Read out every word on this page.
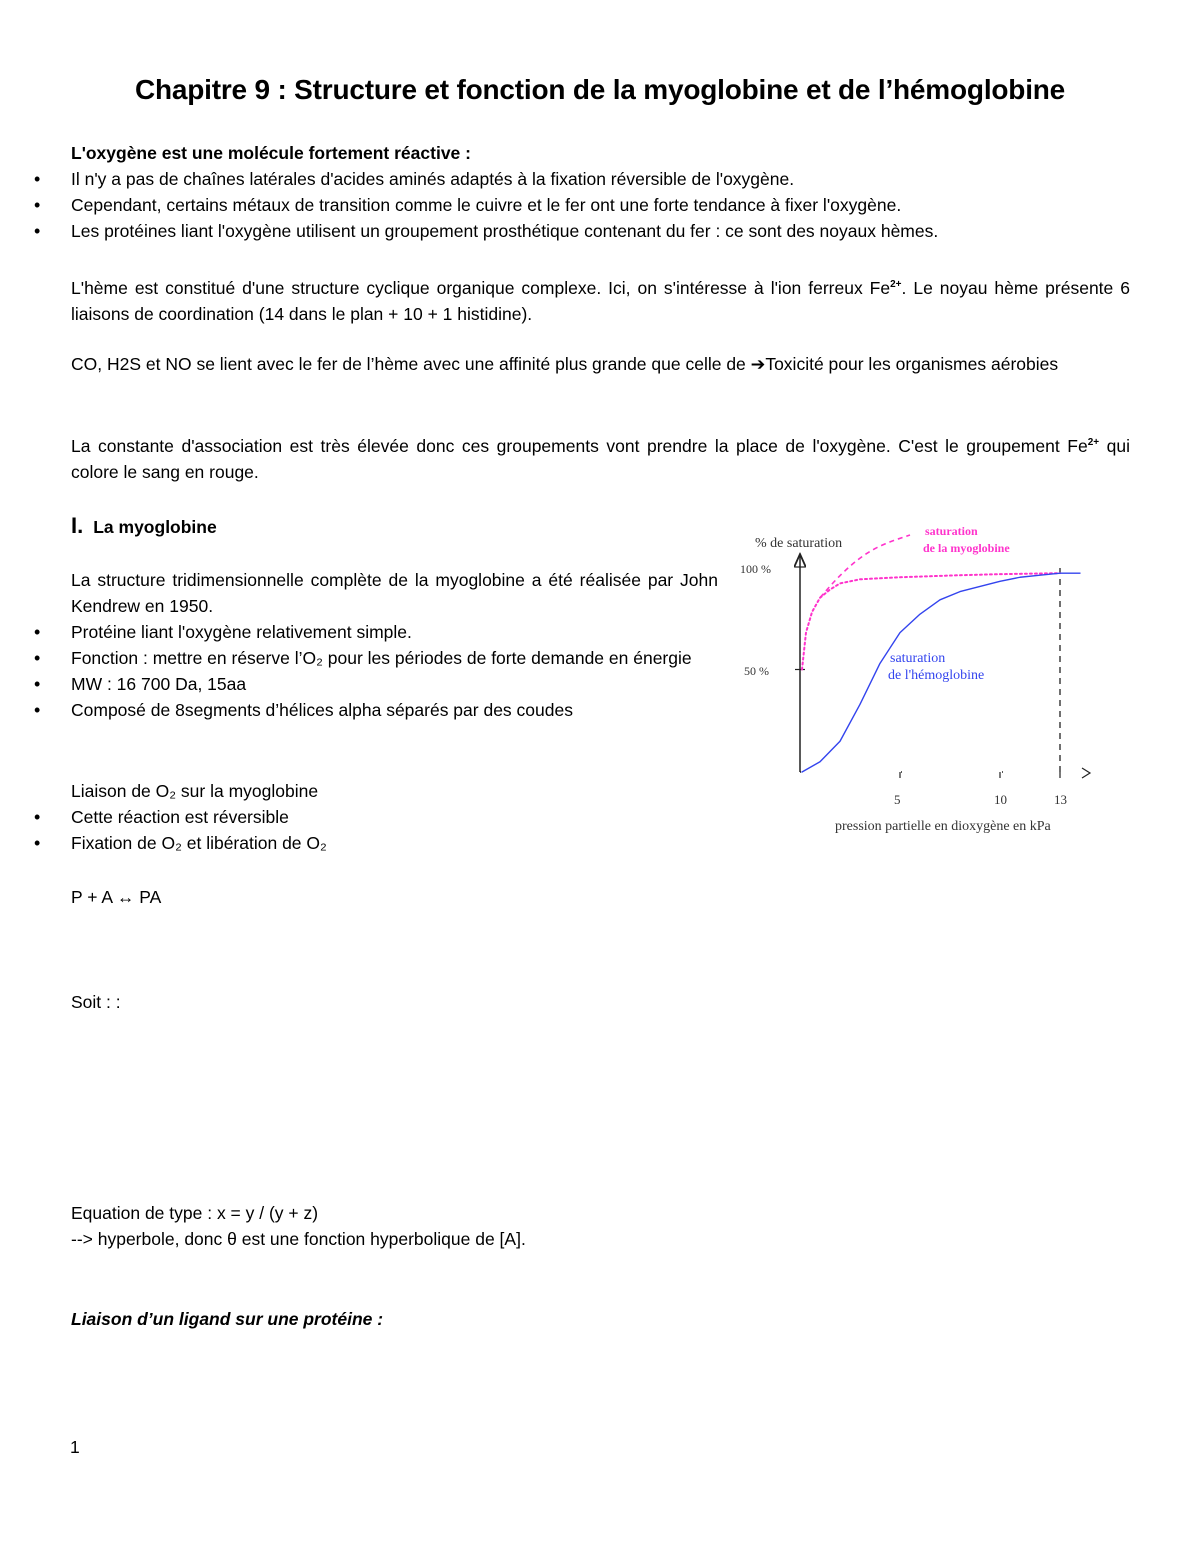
Chapitre 9 : Structure et fonction de la myoglobine et de l’hémoglobine

L'oxygène est une molécule fortement réactive :

• Il n'y a pas de chaînes latérales d'acides aminés adaptés à la fixation réversible de l'oxygène.
• Cependant, certains métaux de transition comme le cuivre et le fer ont une forte tendance à fixer l'oxygène.
• Les protéines liant l'oxygène utilisent un groupement prosthétique contenant du fer : ce sont des noyaux hèmes.

L'hème est constitué d'une structure cyclique organique complexe. Ici, on s'intéresse à l'ion ferreux $Fe^{2+}$. Le noyau hème présente 6 liaisons de coordination (14 dans le plan + 10 + 1 histidine).

CO, H2S et NO se lient avec le fer de l’hème avec une affinité plus grande que celle de ➔Toxicité pour les organismes aérobies

La constante d'association est très élevée donc ces groupements vont prendre la place de l'oxygène. C'est le groupement $Fe^{2+}$ qui colore le sang en rouge.

I. La myoglobine

La structure tridimensionnelle complète de la myoglobine a été réalisée par John Kendrew en 1950.

• Protéine liant l'oxygène relativement simple.
• Fonction : mettre en réserve l’O₂ pour les périodes de forte demande en énergie
• MW : 16 700 Da, 15aa
• Composé de 8segments d’hélices alpha séparés par des coudes

Liaison de O₂ sur la myoglobine

• Cette réaction est réversible
• Fixation de O₂ et libération de O₂

P + A ↔ PA

Soit : :

Equation de type : x = y / (y + z)

--> hyperbole, donc θ est une fonction hyperbolique de [A].

Liaison d’un ligand sur une protéine :

% de saturation
pression partielle en dioxygène en kPa
100 %
50 %
5	10	13
saturation
de la myoglobine
saturation
de l'hémoglobine
1
